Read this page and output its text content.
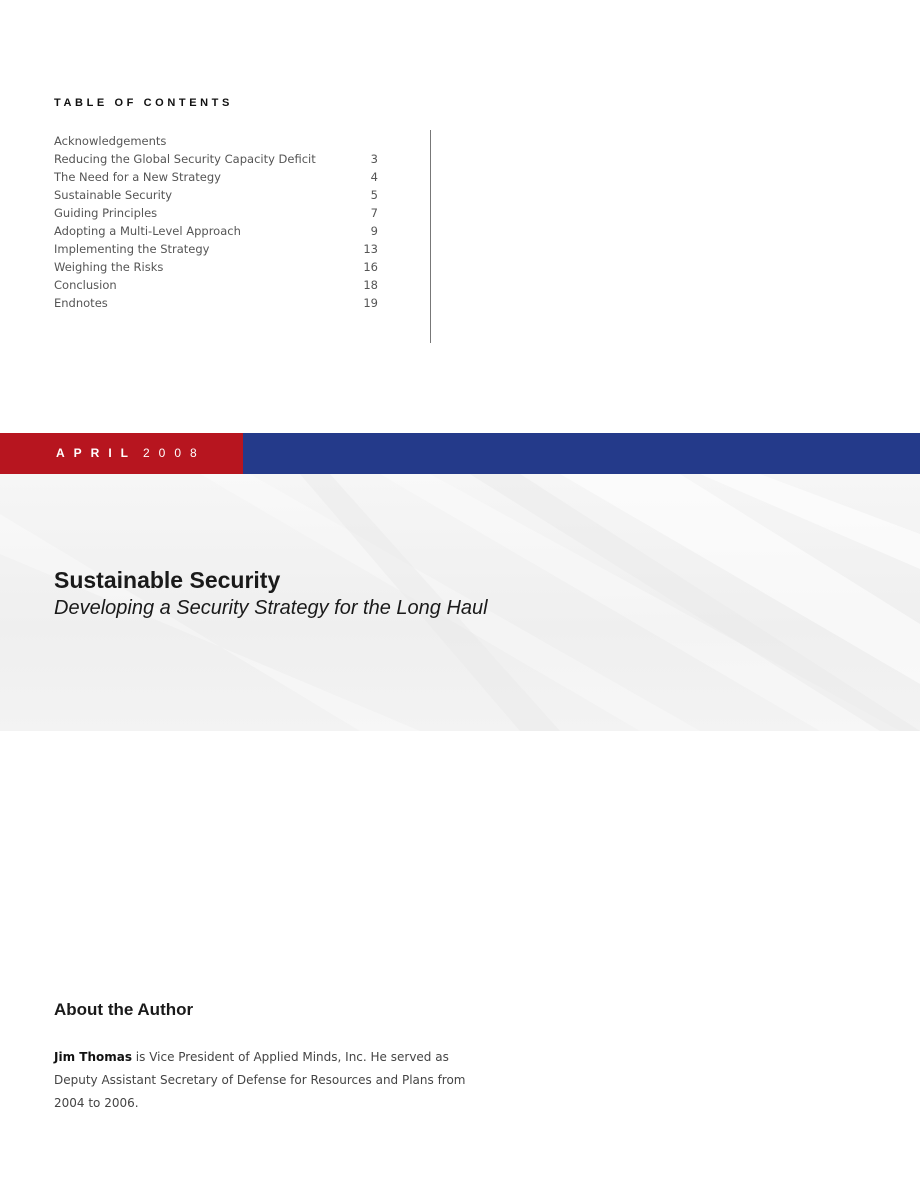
TABLE OF CONTENTS
Acknowledgements
Reducing the Global Security Capacity Deficit	3
The Need for a New Strategy	4
Sustainable Security	5
Guiding Principles	7
Adopting a Multi-Level Approach	9
Implementing the Strategy	13
Weighing the Risks	16
Conclusion	18
Endnotes	19
APRIL 2008
Sustainable Security
Developing a Security Strategy for the Long Haul
About the Author
Jim Thomas is Vice President of Applied Minds, Inc. He served as Deputy Assistant Secretary of Defense for Resources and Plans from 2004 to 2006.
